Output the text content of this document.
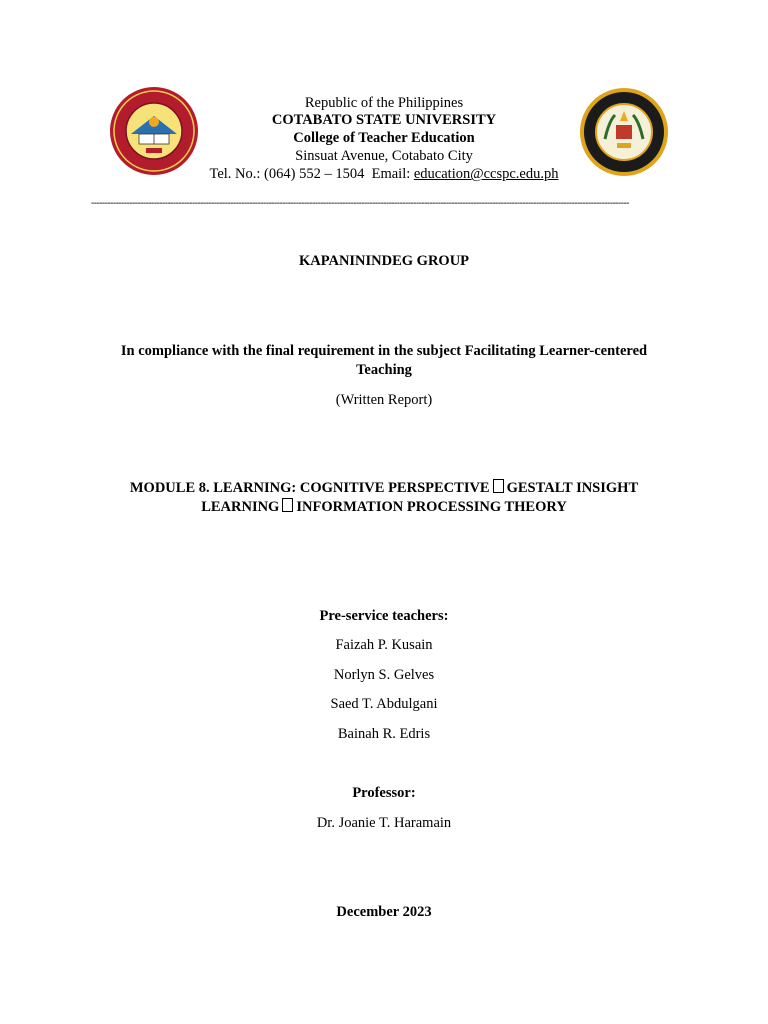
Republic of the Philippines
COTABATO STATE UNIVERSITY
College of Teacher Education
Sinsuat Avenue, Cotabato City
Tel. No.: (064) 552 – 1504  Email: education@ccspc.edu.ph
-----------------------------------------------------------------------------------------------------------------------------------------------------------------------------------------------------
KAPANININDEG GROUP
In compliance with the final requirement in the subject Facilitating Learner-centered
Teaching
(Written Report)
MODULE 8. LEARNING: COGNITIVE PERSPECTIVE GESTALT INSIGHT
LEARNING INFORMATION PROCESSING THEORY
Pre-service teachers:
Faizah P. Kusain
Norlyn S. Gelves
Saed T. Abdulgani
Bainah R. Edris
Professor:
Dr. Joanie T. Haramain
December 2023
